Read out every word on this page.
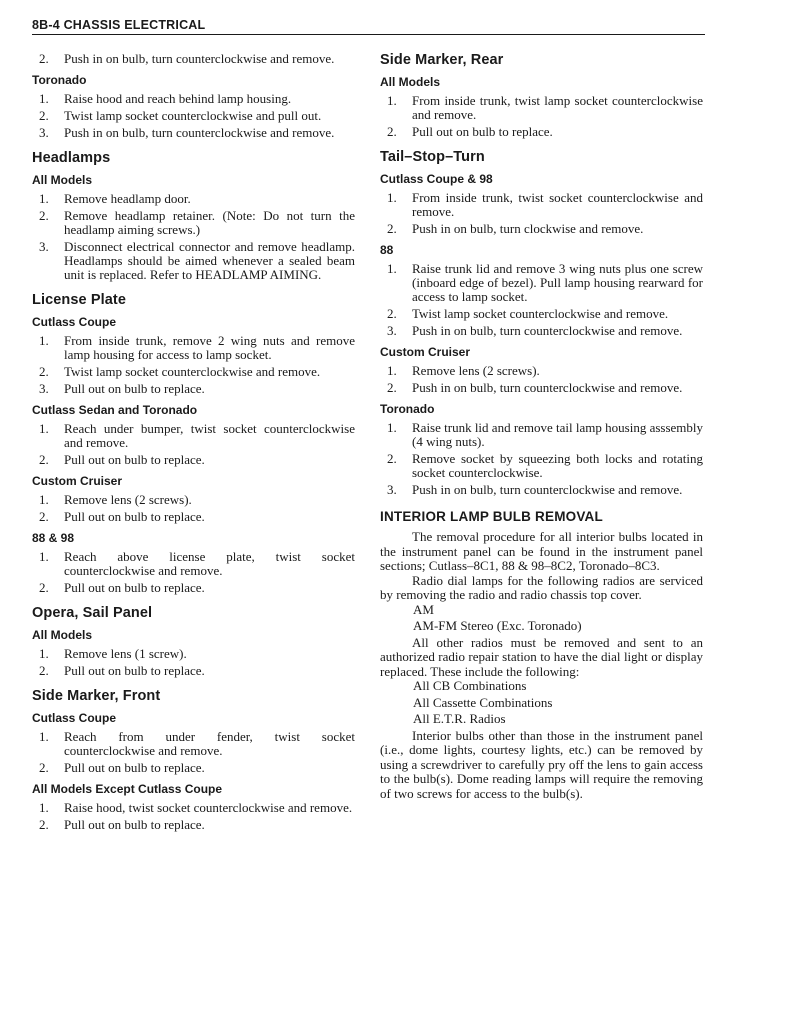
8B-4 CHASSIS ELECTRICAL
2. Push in on bulb, turn counterclockwise and remove.
Toronado
1. Raise hood and reach behind lamp housing.
2. Twist lamp socket counterclockwise and pull out.
3. Push in on bulb, turn counterclockwise and remove.
Headlamps
All Models
1. Remove headlamp door.
2. Remove headlamp retainer. (Note: Do not turn the headlamp aiming screws.)
3. Disconnect electrical connector and remove headlamp. Headlamps should be aimed whenever a sealed beam unit is replaced. Refer to HEADLAMP AIMING.
License Plate
Cutlass Coupe
1. From inside trunk, remove 2 wing nuts and remove lamp housing for access to lamp socket.
2. Twist lamp socket counterclockwise and remove.
3. Pull out on bulb to replace.
Cutlass Sedan and Toronado
1. Reach under bumper, twist socket counterclockwise and remove.
2. Pull out on bulb to replace.
Custom Cruiser
1. Remove lens (2 screws).
2. Pull out on bulb to replace.
88 & 98
1. Reach above license plate, twist socket counterclockwise and remove.
2. Pull out on bulb to replace.
Opera, Sail Panel
All Models
1. Remove lens (1 screw).
2. Pull out on bulb to replace.
Side Marker, Front
Cutlass Coupe
1. Reach from under fender, twist socket counterclockwise and remove.
2. Pull out on bulb to replace.
All Models Except Cutlass Coupe
1. Raise hood, twist socket counterclockwise and remove.
2. Pull out on bulb to replace.
Side Marker, Rear
All Models
1. From inside trunk, twist lamp socket counterclockwise and remove.
2. Pull out on bulb to replace.
Tail–Stop–Turn
Cutlass Coupe & 98
1. From inside trunk, twist socket counterclockwise and remove.
2. Push in on bulb, turn clockwise and remove.
88
1. Raise trunk lid and remove 3 wing nuts plus one screw (inboard edge of bezel). Pull lamp housing rearward for access to lamp socket.
2. Twist lamp socket counterclockwise and remove.
3. Push in on bulb, turn counterclockwise and remove.
Custom Cruiser
1. Remove lens (2 screws).
2. Push in on bulb, turn counterclockwise and remove.
Toronado
1. Raise trunk lid and remove tail lamp housing asssembly (4 wing nuts).
2. Remove socket by squeezing both locks and rotating socket counterclockwise.
3. Push in on bulb, turn counterclockwise and remove.
INTERIOR LAMP BULB REMOVAL

The removal procedure for all interior bulbs located in the instrument panel can be found in the instrument panel sections; Cutlass–8C1, 88 & 98–8C2, Toronado–8C3.

Radio dial lamps for the following radios are serviced by removing the radio and radio chassis top cover.

AM

AM-FM Stereo (Exc. Toronado)

All other radios must be removed and sent to an authorized radio repair station to have the dial light or display replaced. These include the following:

All CB Combinations

All Cassette Combinations

All E.T.R. Radios

Interior bulbs other than those in the instrument panel (i.e., dome lights, courtesy lights, etc.) can be removed by using a screwdriver to carefully pry off the lens to gain access to the bulb(s). Dome reading lamps will require the removing of two screws for access to the bulb(s).
